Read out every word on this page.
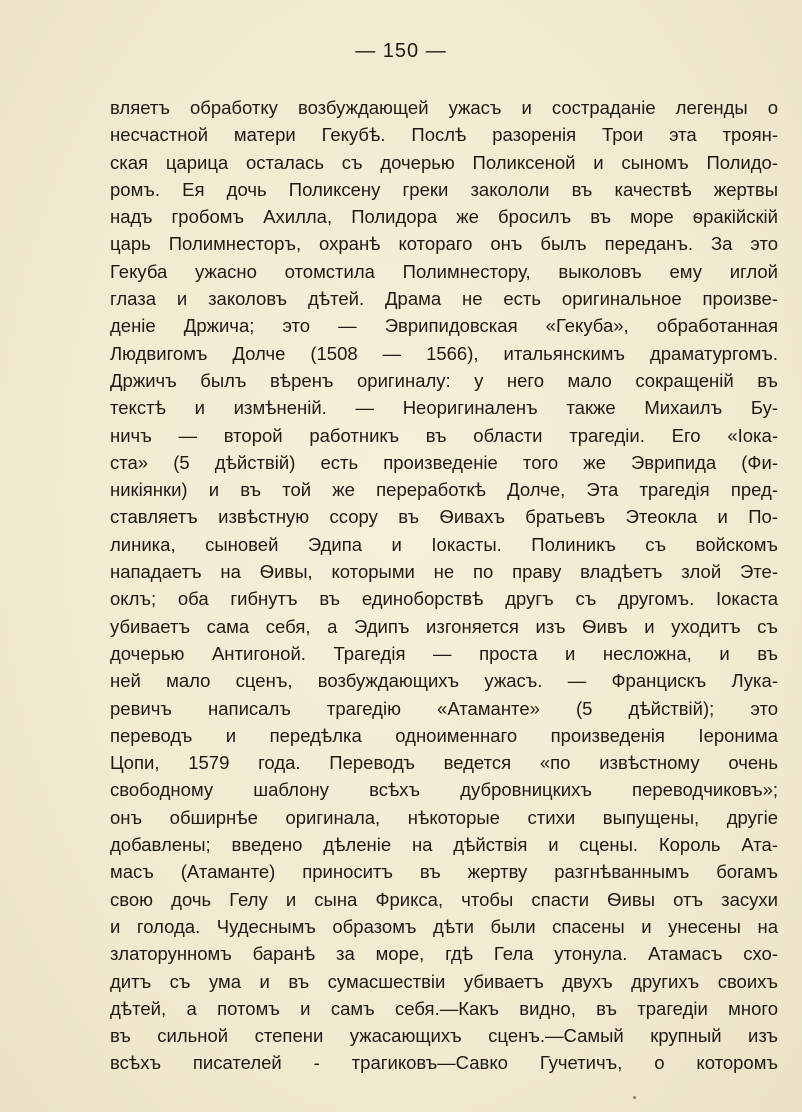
— 150 —
вляетъ обработку возбуждающей ужасъ и состраданіе легенды о
несчастной матери Гекубѣ. Послѣ разоренія Трои эта троян-
ская царица осталась съ дочерью Поликсеной и сыномъ Полидо-
ромъ. Ея дочь Поликсену греки закололи въ качествѣ жертвы
надъ гробомъ Ахилла, Полидора же бросилъ въ море ѳракійскій
царь Полимнесторъ, охранѣ котораго онъ былъ переданъ. За это
Гекуба ужасно отомстила Полимнестору, выколовъ ему иглой
глаза и заколовъ дѣтей. Драма не есть оригинальное произве-
деніе Држича; это — Эврипидовская «Гекуба», обработанная
Людвигомъ Долче (1508 — 1566), итальянскимъ драматургомъ.
Држичъ былъ вѣренъ оригиналу: у него мало сокращеній въ
текстѣ и измѣненій. — Неоригиналенъ также Михаилъ Бу-
ничъ — второй работникъ въ области трагедіи. Его «Іока-
ста» (5 дѣйствій) есть произведеніе того же Эврипида (Фи-
никіянки) и въ той же переработкѣ Долче, Эта трагедія пред-
ставляетъ извѣстную ссору въ Ѳивахъ братьевъ Этеокла и По-
линика, сыновей Эдипа и Іокасты. Полиникъ съ войскомъ
нападаетъ на Ѳивы, которыми не по праву владѣетъ злой Эте-
оклъ; оба гибнутъ въ единоборствѣ другъ съ другомъ. Іокаста
убиваетъ сама себя, а Эдипъ изгоняется изъ Ѳивъ и уходитъ съ
дочерью Антигоной. Трагедія — проста и несложна, и въ
ней мало сценъ, возбуждающихъ ужасъ. — Францискъ Лука-
ревичъ написалъ трагедію «Атаманте» (5 дѣйствій); это
переводъ и передѣлка одноименнаго произведенія Іеронима
Цопи, 1579 года. Переводъ ведется «по извѣстному очень
свободному шаблону всѣхъ дубровницкихъ переводчиковъ»;
онъ обширнѣе оригинала, нѣкоторые стихи выпущены, другіе
добавлены; введено дѣленіе на дѣйствія и сцены. Король Ата-
масъ (Атаманте) приноситъ въ жертву разгнѣваннымъ богамъ
свою дочь Гелу и сына Фрикса, чтобы спасти Ѳивы отъ засухи
и голода. Чудеснымъ образомъ дѣти были спасены и унесены на
златорунномъ баранѣ за море, гдѣ Гела утонула. Атамасъ схо-
дитъ съ ума и въ сумасшествіи убиваетъ двухъ другихъ своихъ
дѣтей, а потомъ и самъ себя.—Какъ видно, въ трагедіи много
въ сильной степени ужасающихъ сценъ.—Самый крупный изъ
всѣхъ писателей - трагиковъ—Савко Гучетичъ, о которомъ
